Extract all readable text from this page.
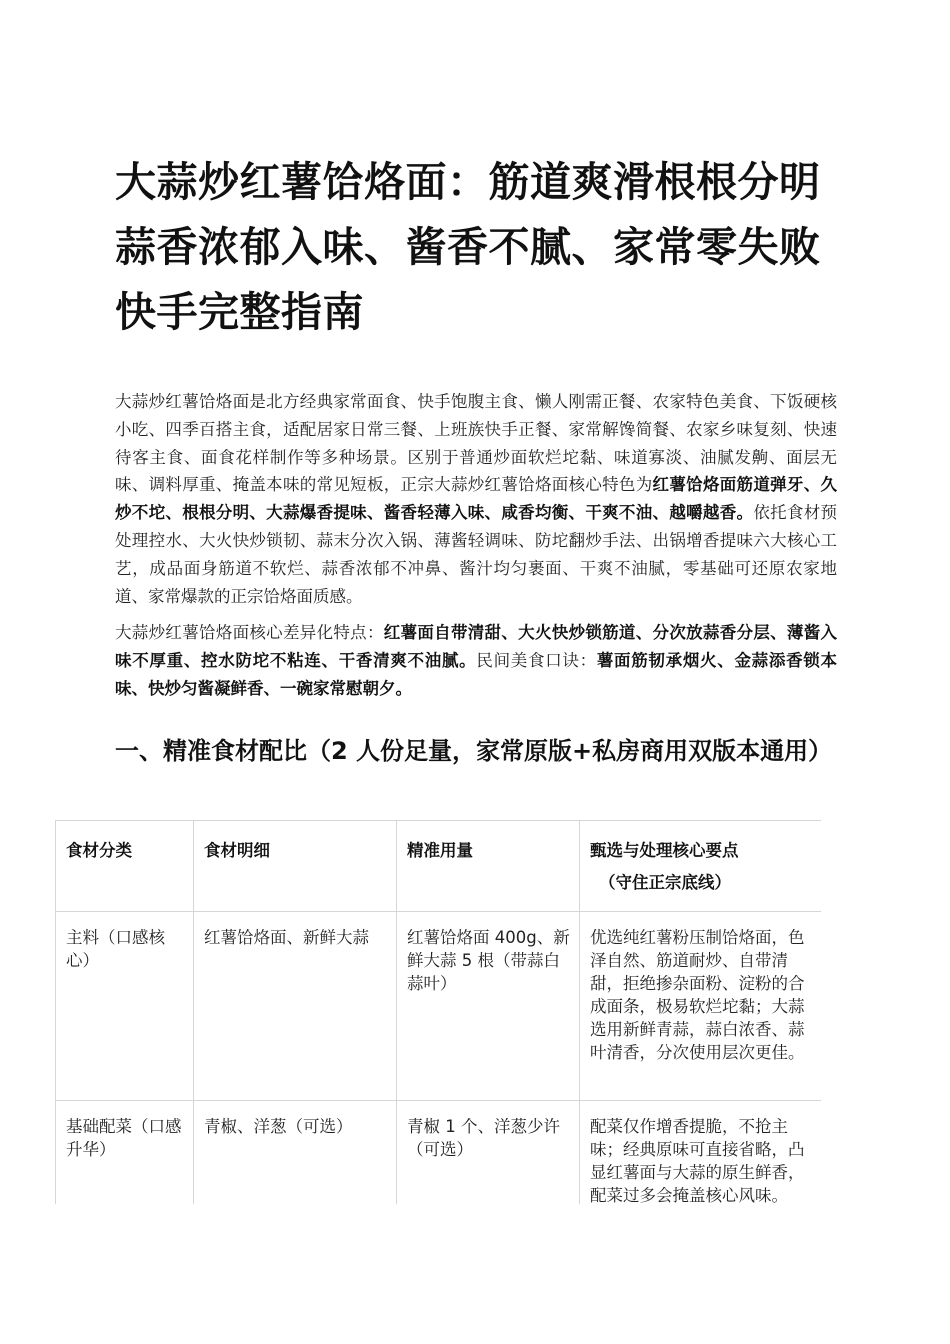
大蒜炒红薯饸烙面：筋道爽滑根根分明蒜香浓郁入味、酱香不腻、家常零失败快手完整指南

大蒜炒红薯饸烙面是北方经典家常面食、快手饱腹主食、懒人刚需正餐、农家特色美食、下饭硬核小吃、四季百搭主食，适配居家日常三餐、上班族快手正餐、家常解馋简餐、农家乡味复刻、快速待客主食、面食花样制作等多种场景。区别于普通炒面软烂坨黏、味道寡淡、油腻发齁、面层无味、调料厚重、掩盖本味的常见短板，正宗大蒜炒红薯饸烙面核心特色为红薯饸烙面筋道弹牙、久炒不坨、根根分明、大蒜爆香提味、酱香轻薄入味、咸香均衡、干爽不油、越嚼越香。依托食材预处理控水、大火快炒锁韧、蒜末分次入锅、薄酱轻调味、防坨翻炒手法、出锅增香提味六大核心工艺，成品面身筋道不软烂、蒜香浓郁不冲鼻、酱汁均匀裹面、干爽不油腻，零基础可还原农家地道、家常爆款的正宗饸烙面质感。

大蒜炒红薯饸烙面核心差异化特点：红薯面自带清甜、大火快炒锁筋道、分次放蒜香分层、薄酱入味不厚重、控水防坨不粘连、干香清爽不油腻。民间美食口诀：薯面筋韧承烟火、金蒜添香锁本味、快炒匀酱凝鲜香、一碗家常慰朝夕。

一、精准食材配比（2 人份足量，家常原版+私房商用双版本通用）
食材分类	食材明细	精准用量	甄选与处理核心要点
（守住正宗底线）

主料（口感核心）	红薯饸烙面、新鲜大蒜	红薯饸烙面 400g、新鲜大蒜 5 根（带蒜白蒜叶）	优选纯红薯粉压制饸烙面，色泽自然、筋道耐炒、自带清甜，拒绝掺杂面粉、淀粉的合成面条，极易软烂坨黏；大蒜选用新鲜青蒜，蒜白浓香、蒜叶清香，分次使用层次更佳。
基础配菜（口感升华）	青椒、洋葱（可选）	青椒 1 个、洋葱少许（可选）	配菜仅作增香提脆，不抢主味；经典原味可直接省略，凸显红薯面与大蒜的原生鲜香，配菜过多会掩盖核心风味。
